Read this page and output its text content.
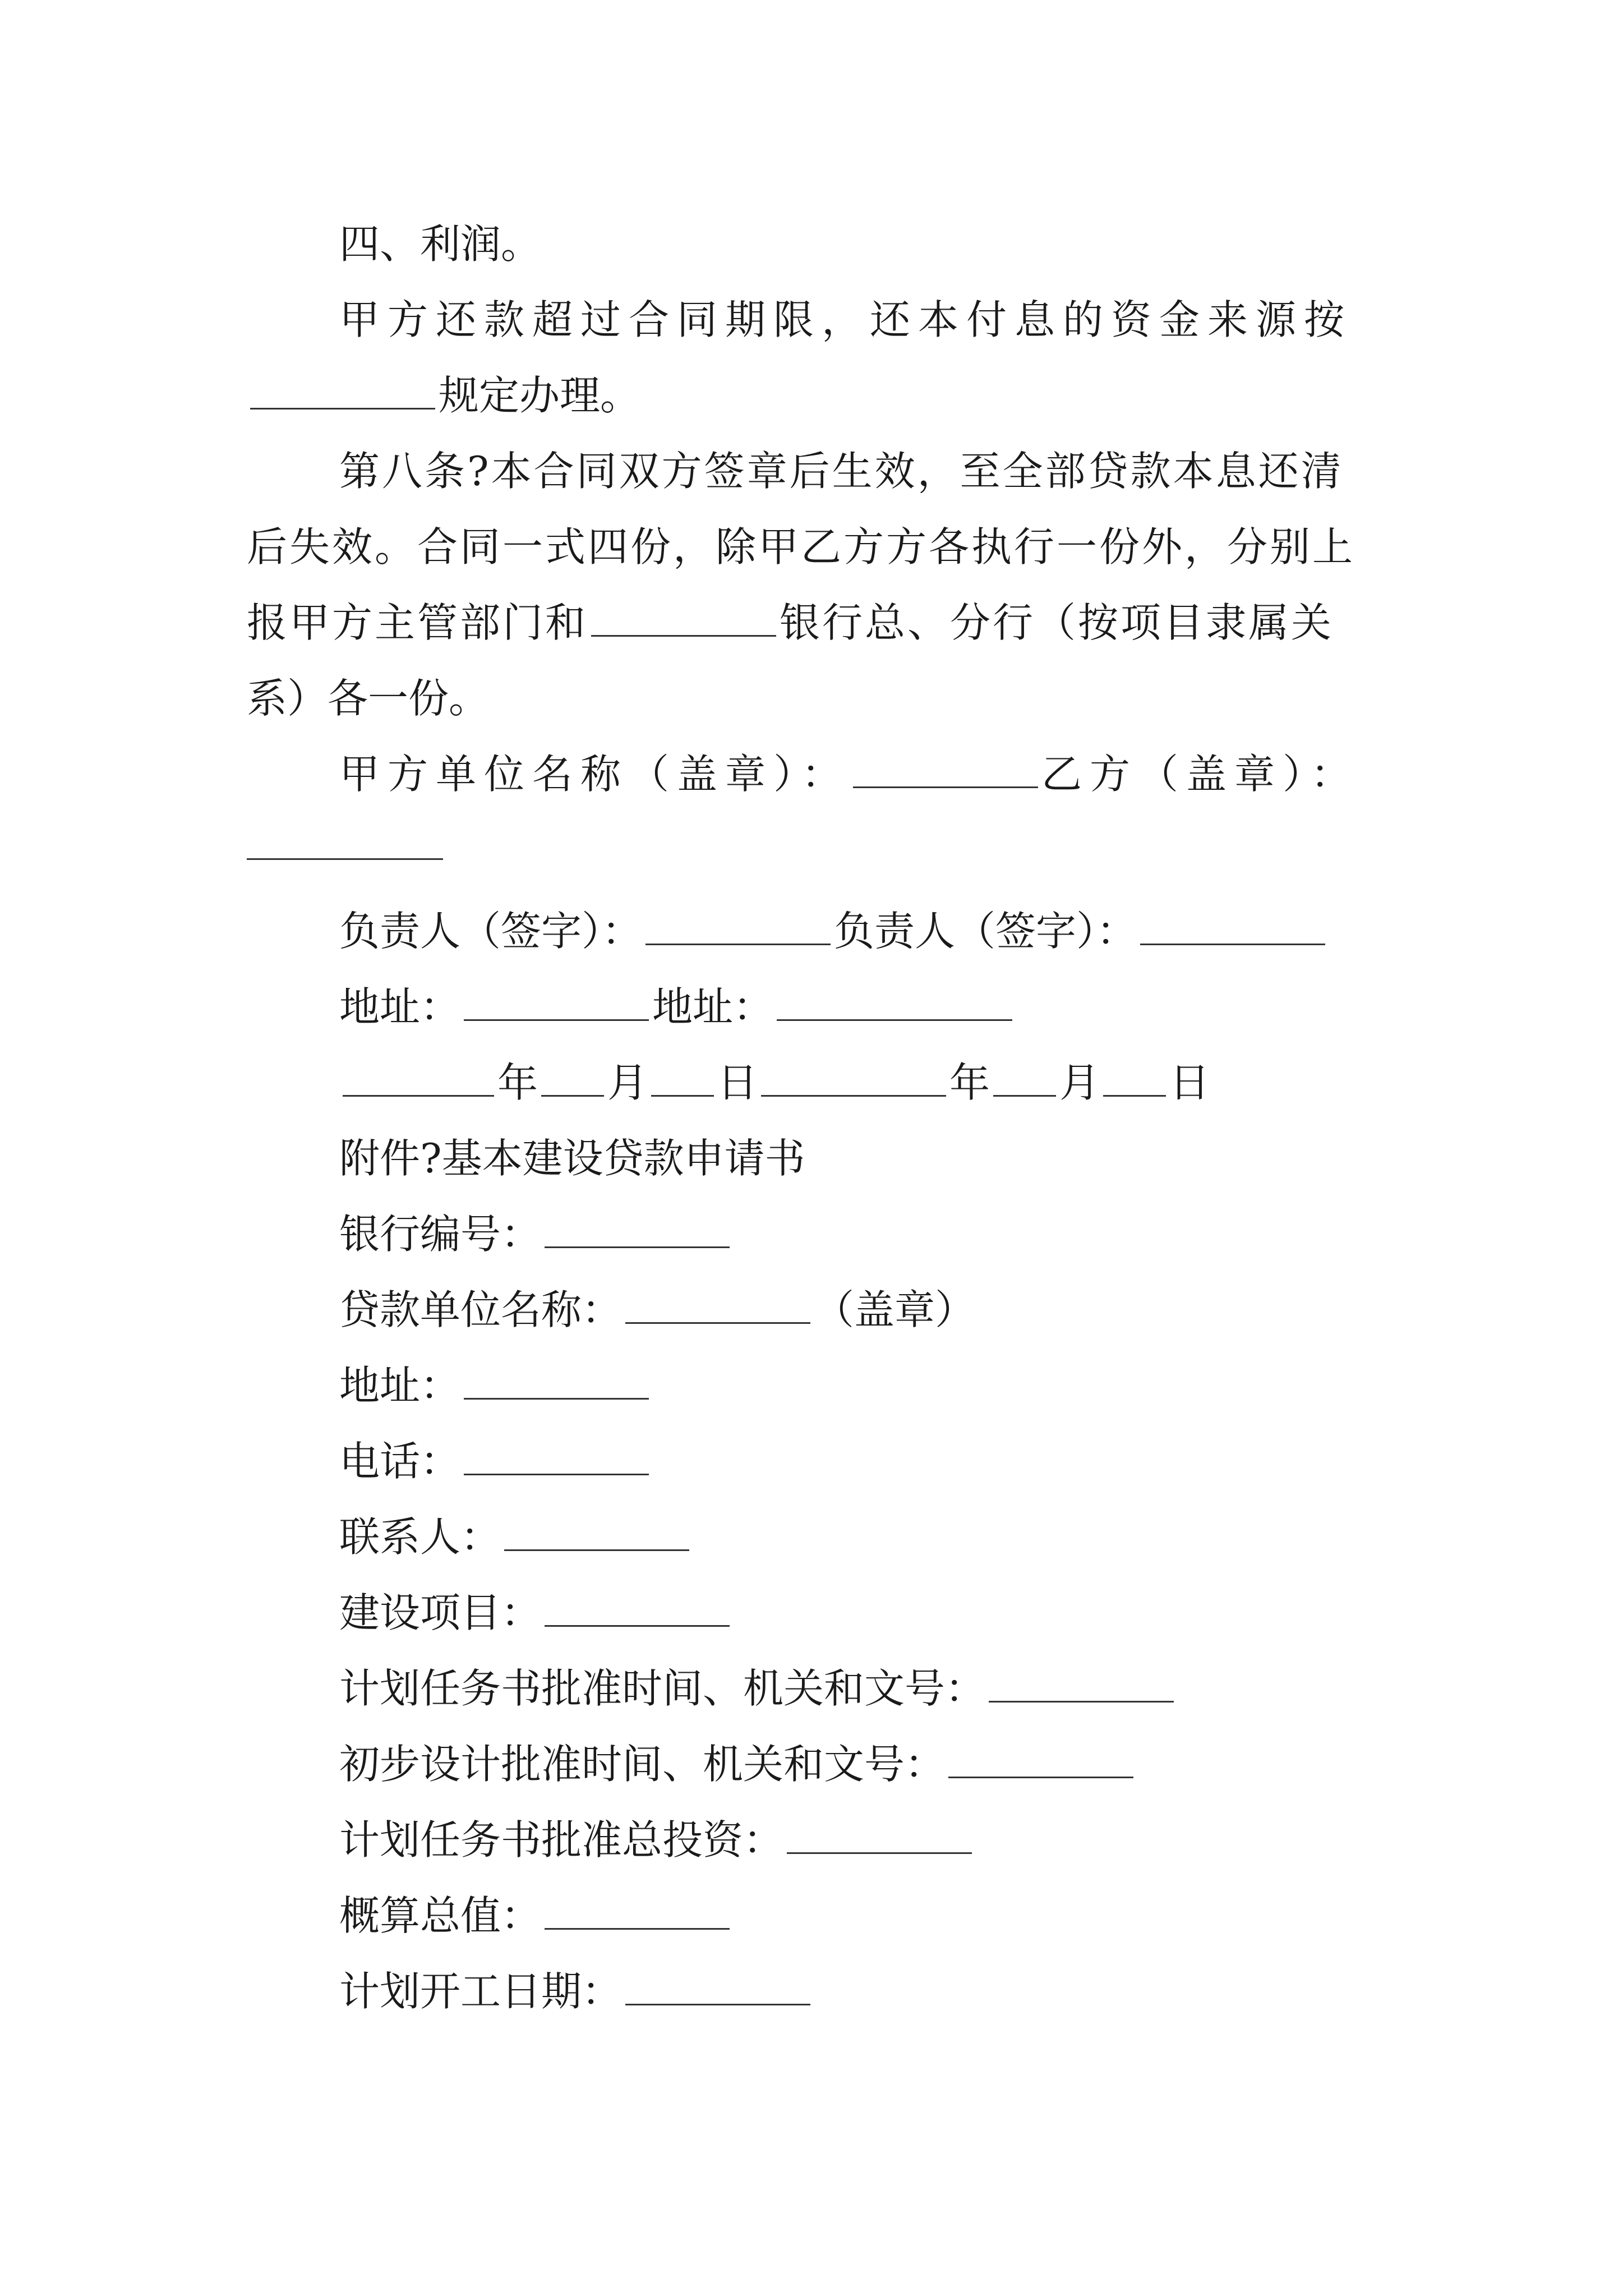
四、利润。
甲方还款超过合同期限，还本付息的资金来源按
规定办理。
第八条?本合同双方签章后生效，至全部贷款本息还清
后失效。合同一式四份，除甲乙方方各执行一份外，分别上
报甲方主管部门和	银行总、分行（按项目隶属关
系）各一份。
甲方单位名称（盖章）：	乙方（盖章）：
负责人（签字）：	负责人（签字）：
地址：	地址：
年 月 日	年 月 日
附件?基本建设贷款申请书
银行编号：
贷款单位名称：	（盖章）
地址：
电话：
联系人：
建设项目：
计划任务书批准时间、机关和文号：
初步设计批准时间、机关和文号：
计划任务书批准总投资：
概算总值：
计划开工日期：
